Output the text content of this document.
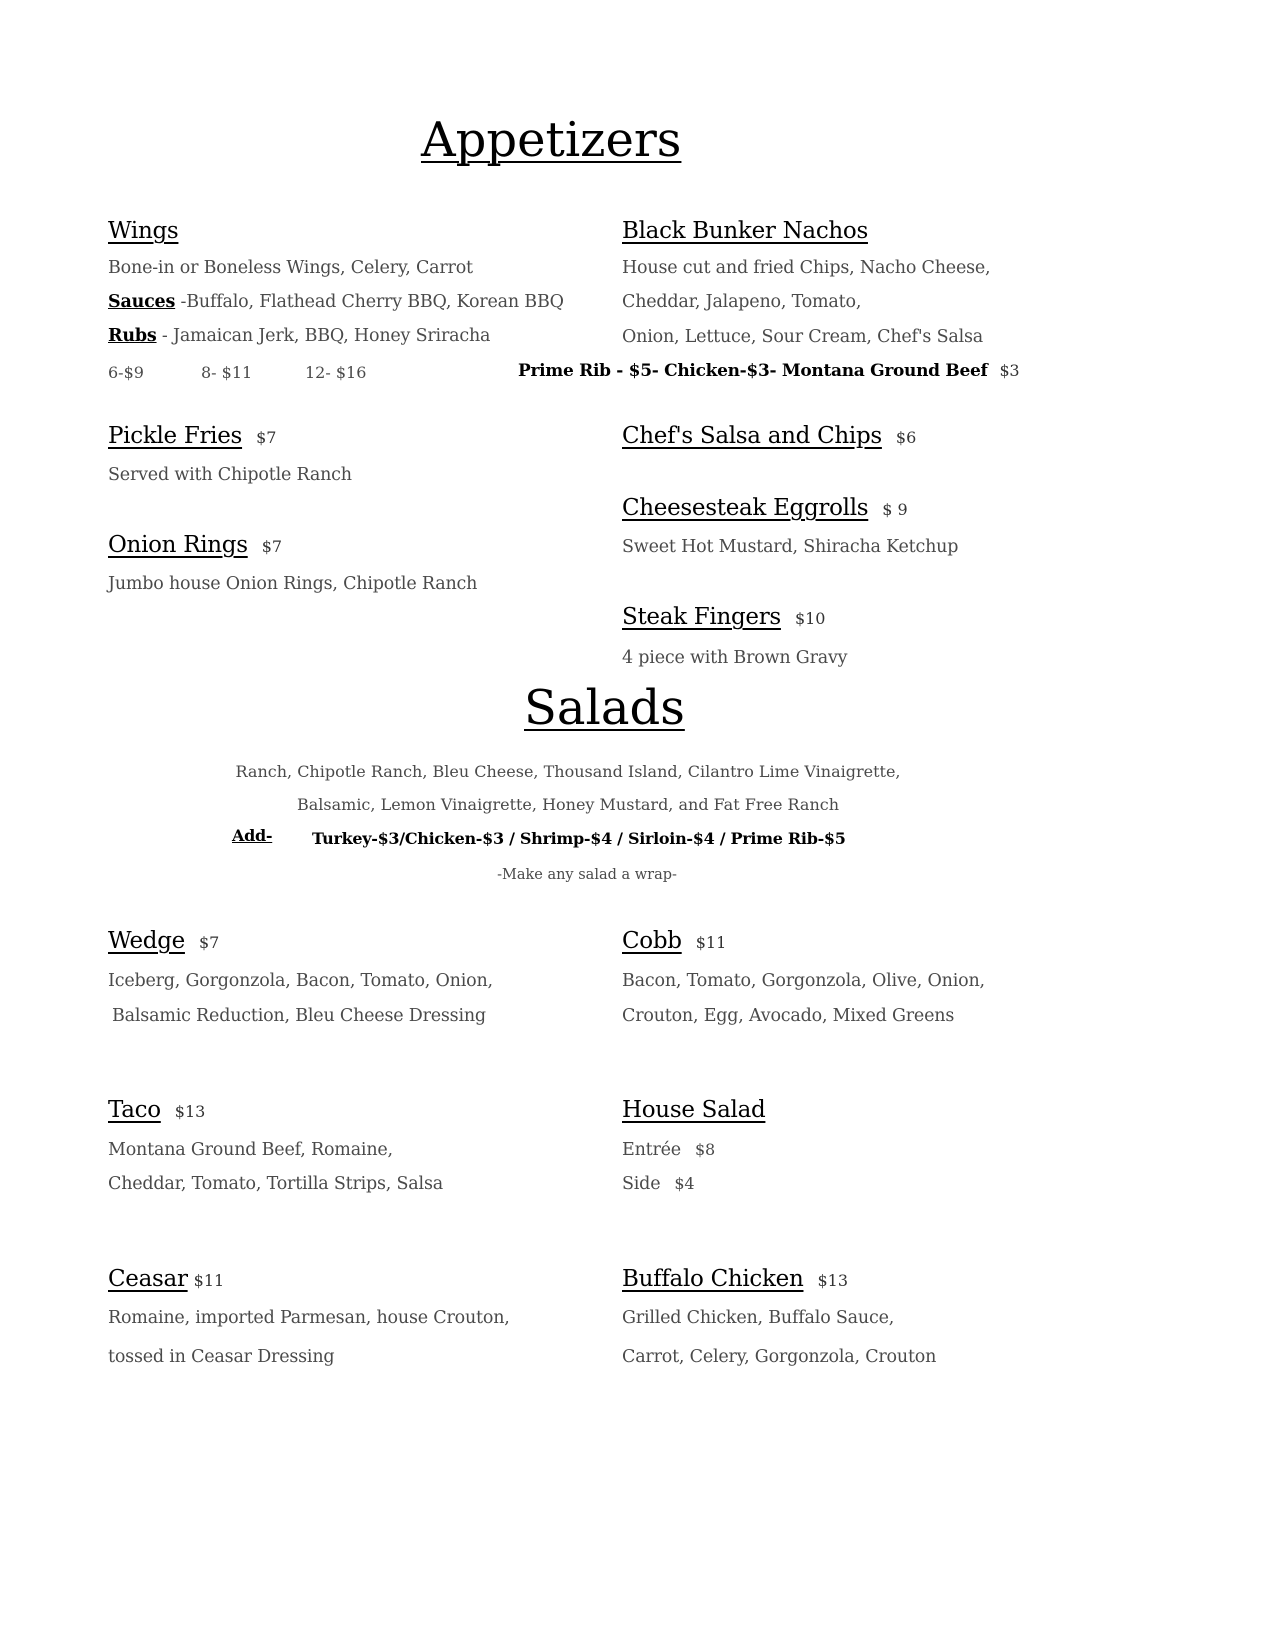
Appetizers
Wings
Bone-in or Boneless Wings, Celery, Carrot
Sauces -Buffalo, Flathead Cherry BBQ, Korean BBQ
Rubs - Jamaican Jerk, BBQ, Honey Sriracha
6-$9	8- $11	12- $16
Black Bunker Nachos
House cut and fried Chips, Nacho Cheese,
Cheddar, Jalapeno, Tomato,
Onion, Lettuce, Sour Cream, Chef's Salsa
Prime Rib - $5- Chicken-$3- Montana Ground Beef $3
Pickle Fries $7
Served with Chipotle Ranch
Chef's Salsa and Chips $6
Cheesesteak Eggrolls $ 9
Sweet Hot Mustard, Shiracha Ketchup
Onion Rings $7
Jumbo house Onion Rings, Chipotle Ranch
Steak Fingers $10
4 piece with Brown Gravy
Salads
Ranch, Chipotle Ranch, Bleu Cheese, Thousand Island, Cilantro Lime Vinaigrette,
Balsamic, Lemon Vinaigrette, Honey Mustard, and Fat Free Ranch
Add- Turkey-$3/Chicken-$3 / Shrimp-$4 / Sirloin-$4 / Prime Rib-$5
-Make any salad a wrap-
Wedge $7
Iceberg, Gorgonzola, Bacon, Tomato, Onion,
Balsamic Reduction, Bleu Cheese Dressing
Cobb $11
Bacon, Tomato, Gorgonzola, Olive, Onion,
Crouton, Egg, Avocado, Mixed Greens
Taco $13
Montana Ground Beef, Romaine,
Cheddar, Tomato, Tortilla Strips, Salsa
House Salad
Entrée $8
Side $4
Ceasar $11
Romaine, imported Parmesan, house Crouton,
tossed in Ceasar Dressing
Buffalo Chicken $13
Grilled Chicken, Buffalo Sauce,
Carrot, Celery, Gorgonzola, Crouton
